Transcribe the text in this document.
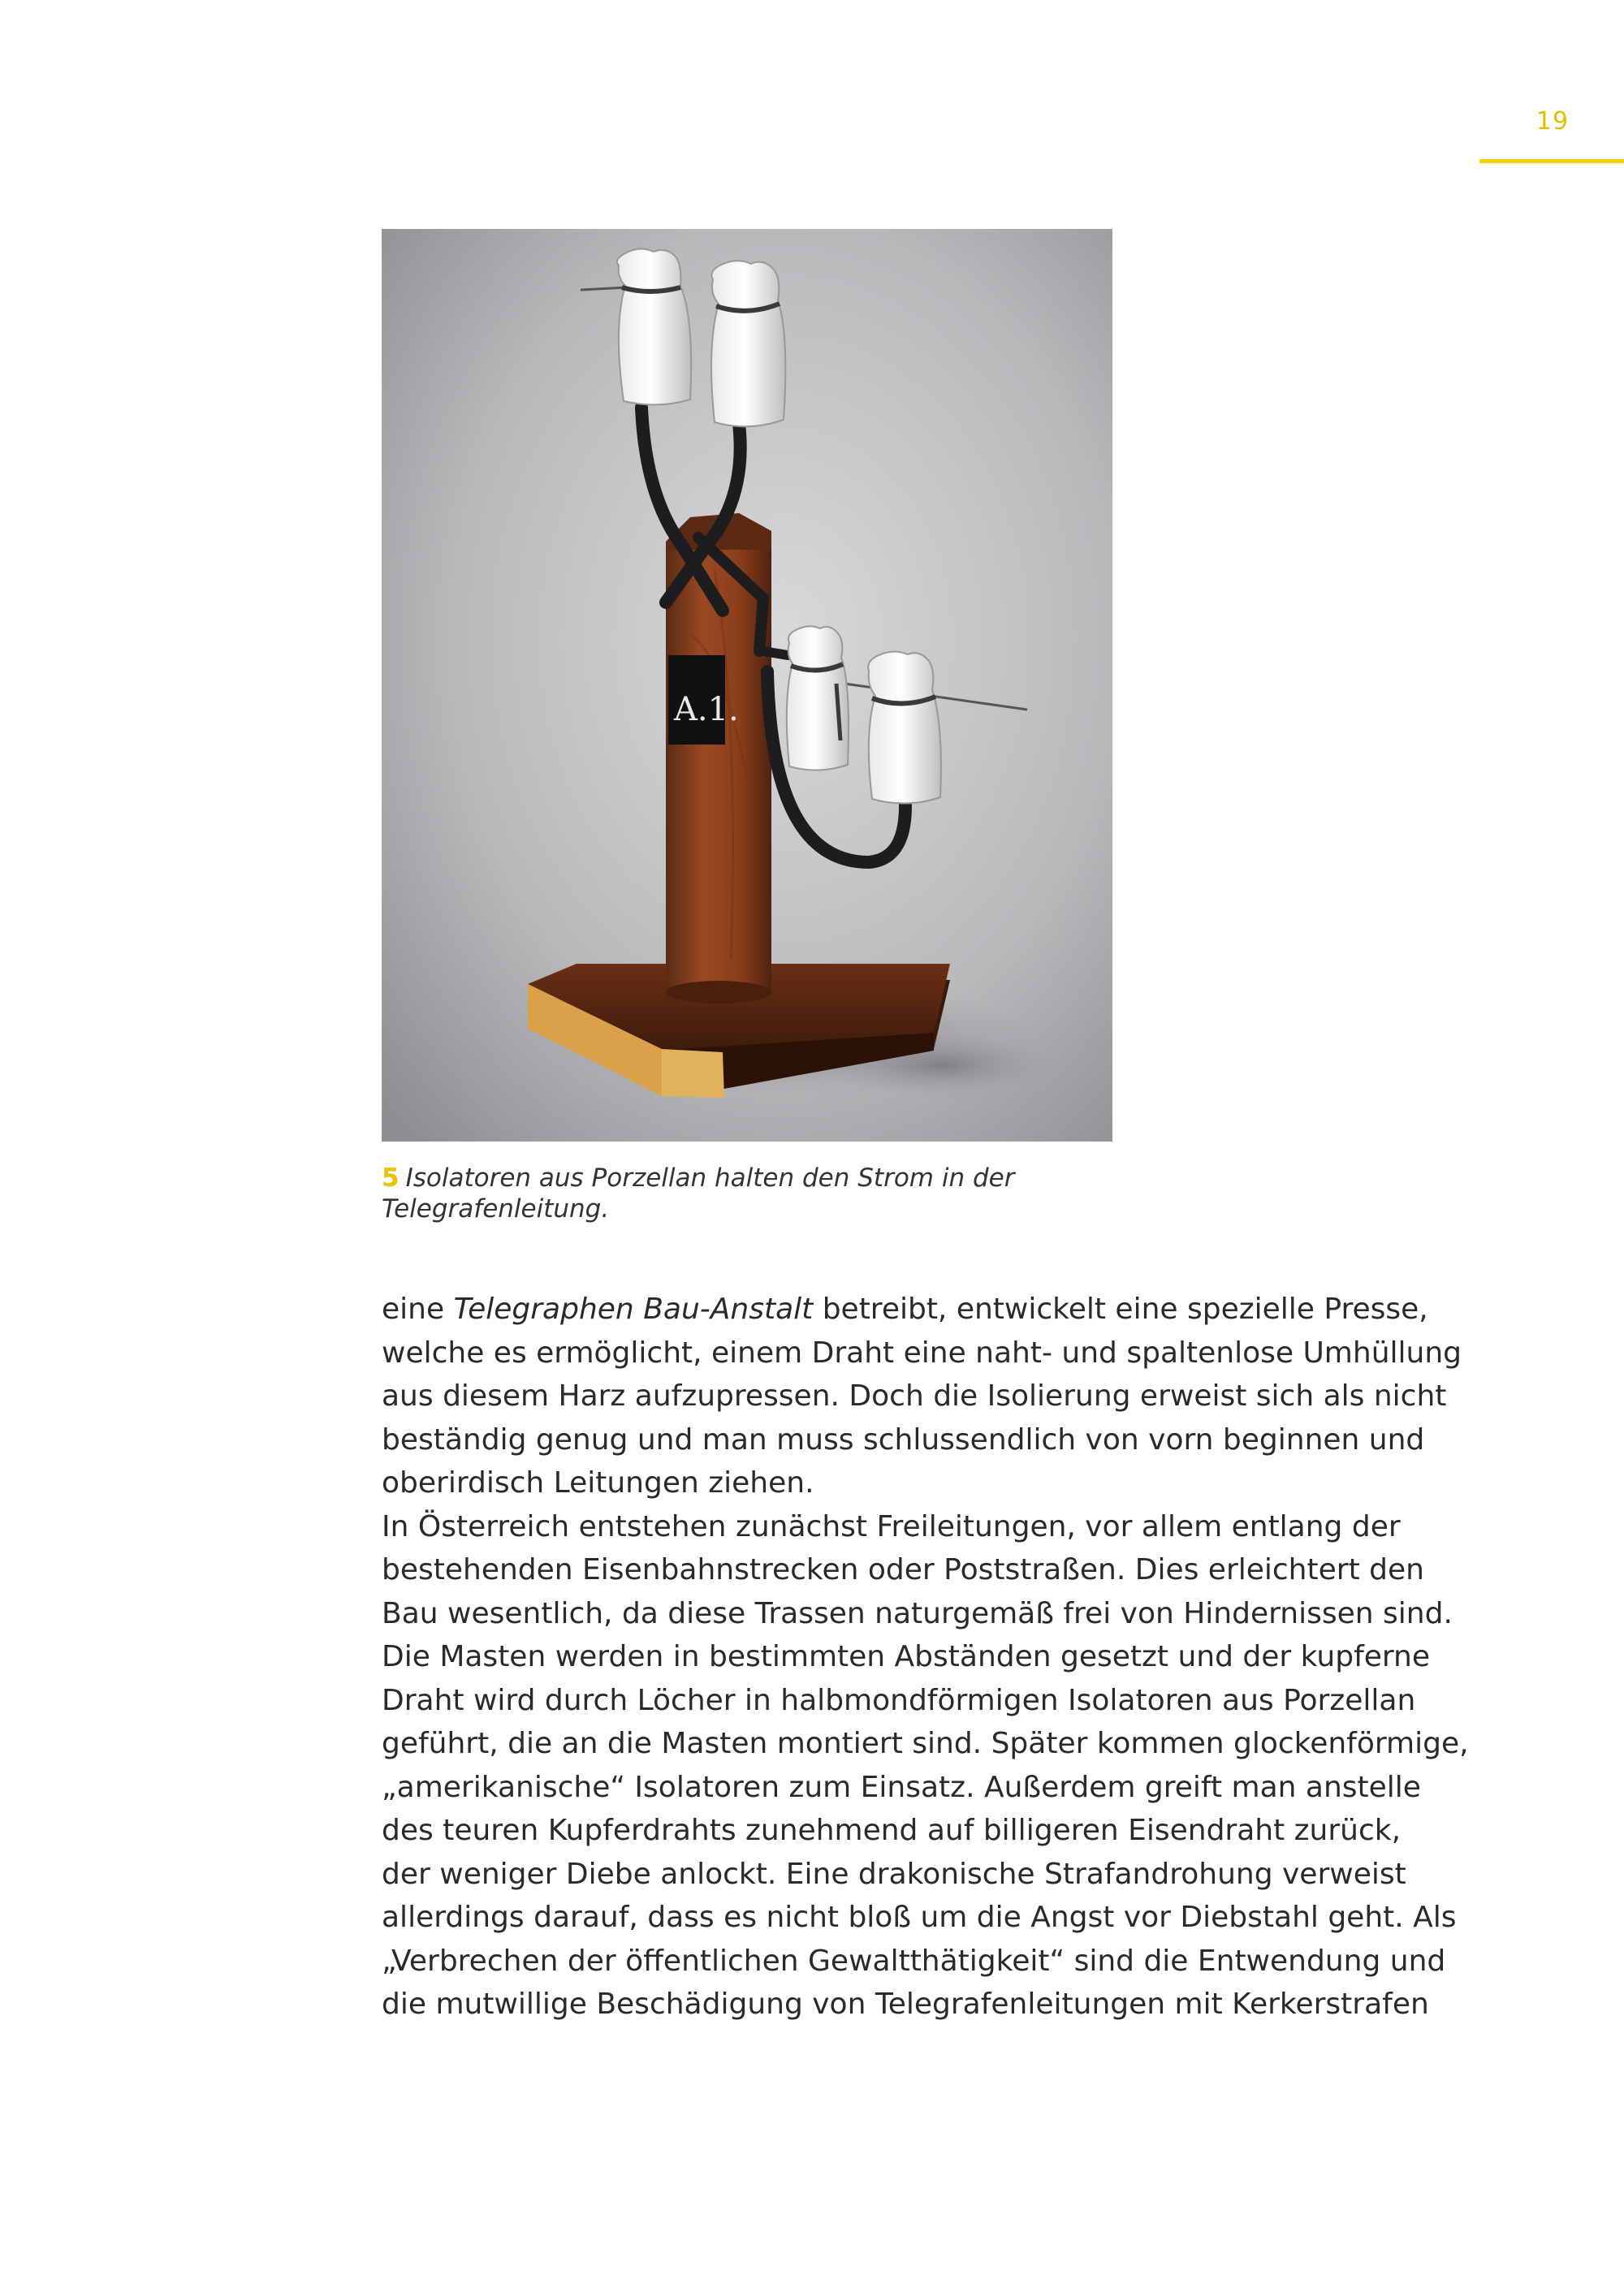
19
A.1.
5 Isolatoren aus Porzellan halten den Strom in der
Telegrafenleitung.
eine Telegraphen Bau-Anstalt betreibt, entwickelt eine spezielle Presse,
welche es ermöglicht, einem Draht eine naht- und spaltenlose Umhüllung
aus diesem Harz aufzupressen. Doch die Isolierung erweist sich als nicht
beständig genug und man muss schlussendlich von vorn beginnen und
oberirdisch Leitungen ziehen.
In Österreich entstehen zunächst Freileitungen, vor allem entlang der
bestehenden Eisenbahnstrecken oder Poststraßen. Dies erleichtert den
Bau wesentlich, da diese Trassen naturgemäß frei von Hindernissen sind.
Die Masten werden in bestimmten Abständen gesetzt und der kupferne
Draht wird durch Löcher in halbmondförmigen Isolatoren aus Porzellan
geführt, die an die Masten montiert sind. Später kommen glockenförmige,
„amerikanische“ Isolatoren zum Einsatz. Außerdem greift man anstelle
des teuren Kupferdrahts zunehmend auf billigeren Eisendraht zurück,
der weniger Diebe anlockt. Eine drakonische Strafandrohung verweist
allerdings darauf, dass es nicht bloß um die Angst vor Diebstahl geht. Als
„Verbrechen der öffentlichen Gewaltthätigkeit“ sind die Entwendung und
die mutwillige Beschädigung von Telegrafenleitungen mit Kerkerstrafen
